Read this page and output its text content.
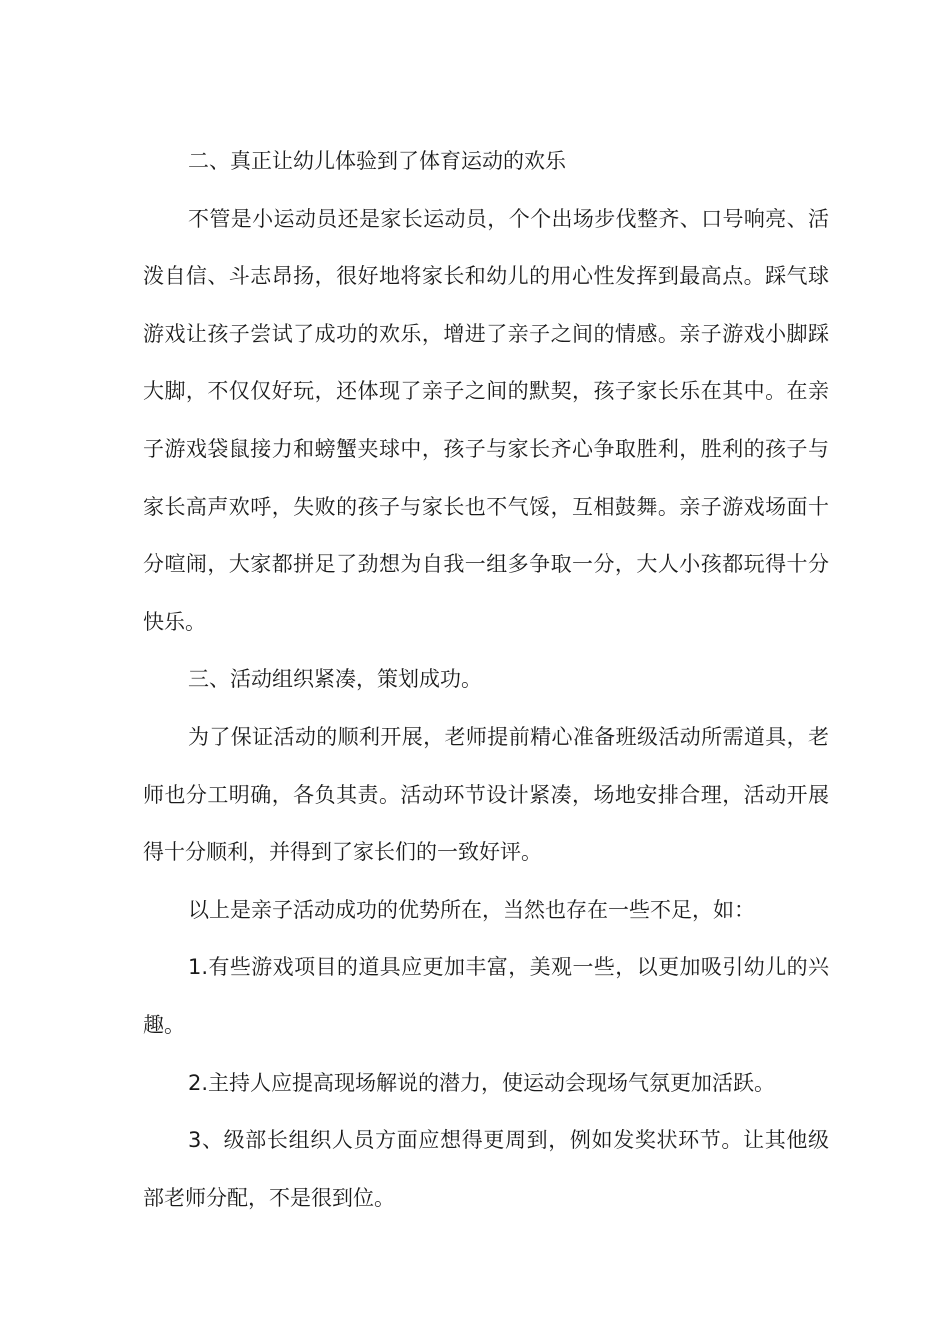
二、真正让幼儿体验到了体育运动的欢乐

不管是小运动员还是家长运动员，个个出场步伐整齐、口号响亮、活泼自信、斗志昂扬，很好地将家长和幼儿的用心性发挥到最高点。踩气球游戏让孩子尝试了成功的欢乐，增进了亲子之间的情感。亲子游戏小脚踩大脚，不仅仅好玩，还体现了亲子之间的默契，孩子家长乐在其中。在亲子游戏袋鼠接力和螃蟹夹球中，孩子与家长齐心争取胜利，胜利的孩子与家长高声欢呼，失败的孩子与家长也不气馁，互相鼓舞。亲子游戏场面十分喧闹，大家都拼足了劲想为自我一组多争取一分，大人小孩都玩得十分快乐。

三、活动组织紧凑，策划成功。

为了保证活动的顺利开展，老师提前精心准备班级活动所需道具，老师也分工明确，各负其责。活动环节设计紧凑，场地安排合理，活动开展得十分顺利，并得到了家长们的一致好评。

以上是亲子活动成功的优势所在，当然也存在一些不足，如：

1.有些游戏项目的道具应更加丰富，美观一些，以更加吸引幼儿的兴趣。

2.主持人应提高现场解说的潜力，使运动会现场气氛更加活跃。

3、级部长组织人员方面应想得更周到，例如发奖状环节。让其他级部老师分配，不是很到位。
